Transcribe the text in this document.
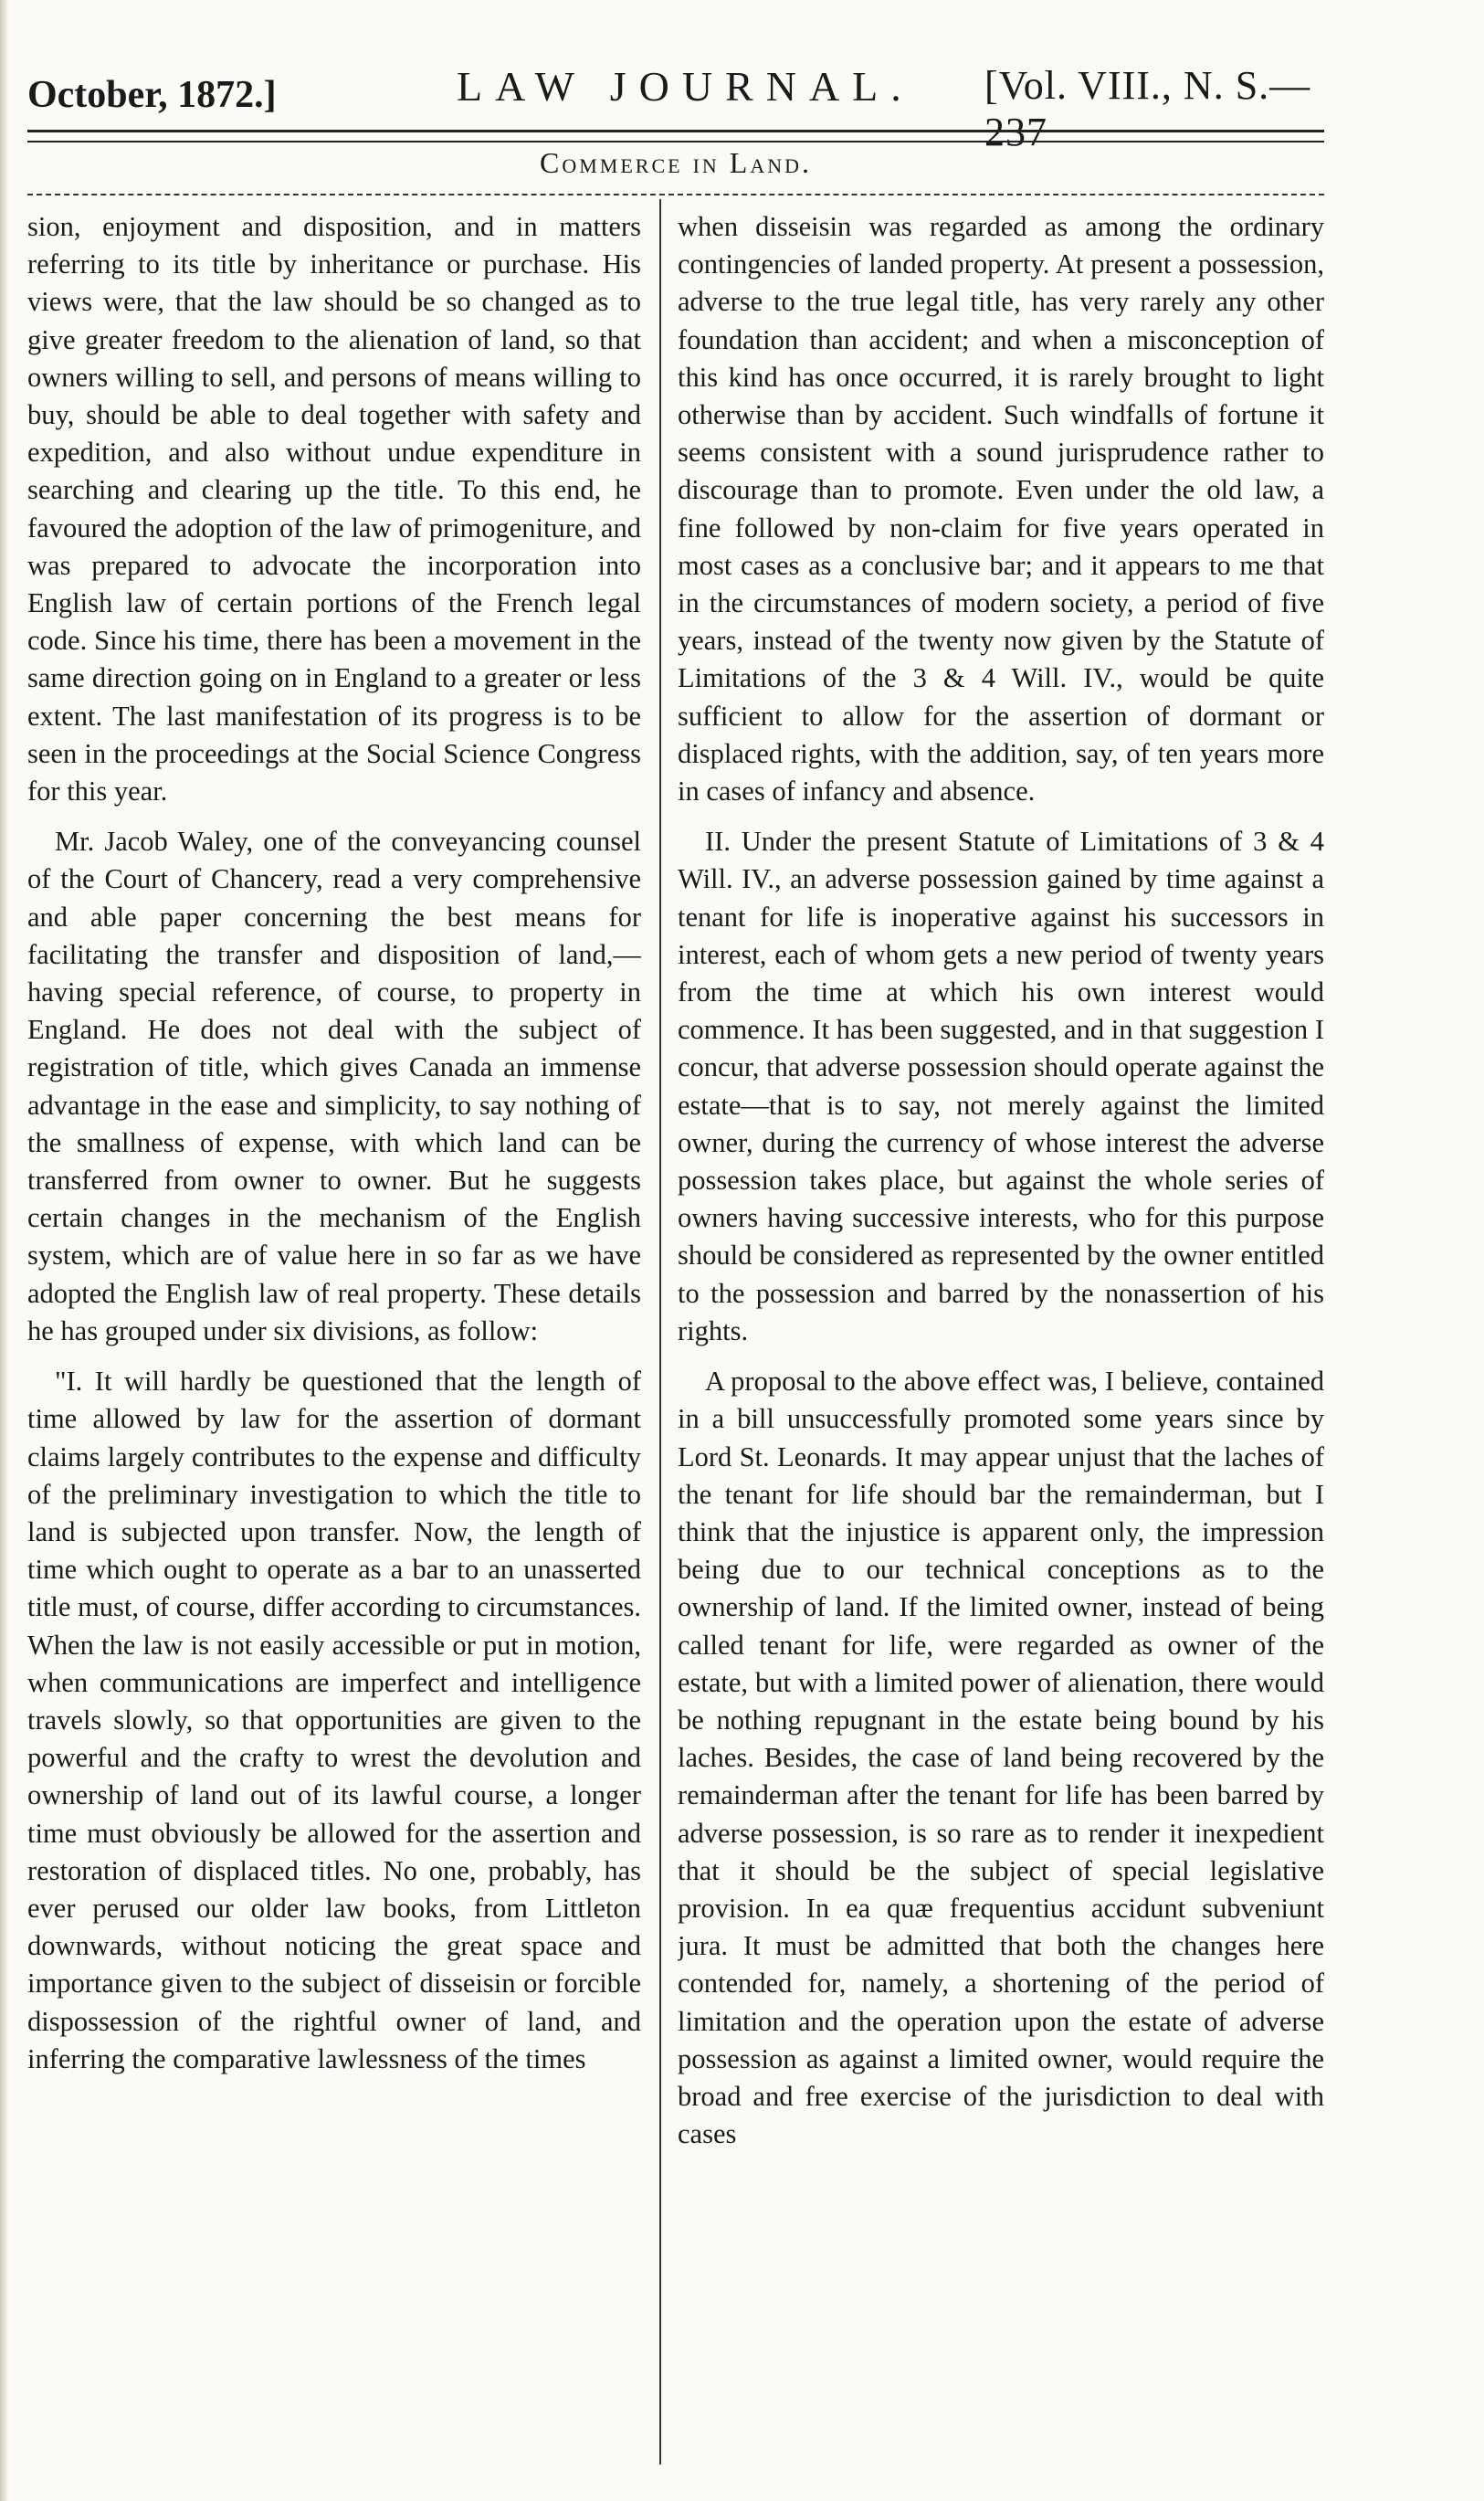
October, 1872.]	LAW JOURNAL. [Vol. VIII., N. S.—237
Commerce in Land.

sion, enjoyment and disposition, and in matters referring to its title by inheritance or purchase. His views were, that the law should be so changed as to give greater freedom to the alienation of land, so that owners willing to sell, and persons of means willing to buy, should be able to deal together with safety and expedition, and also without undue expenditure in searching and clearing up the title. To this end, he favoured the adoption of the law of primogeniture, and was prepared to advocate the incorporation into English law of certain portions of the French legal code. Since his time, there has been a movement in the same direction going on in England to a greater or less extent. The last manifestation of its progress is to be seen in the proceedings at the Social Science Congress for this year.

Mr. Jacob Waley, one of the conveyancing counsel of the Court of Chancery, read a very comprehensive and able paper concerning the best means for facilitating the transfer and disposition of land,—having special reference, of course, to property in England. He does not deal with the subject of registration of title, which gives Canada an immense advantage in the ease and simplicity, to say nothing of the smallness of expense, with which land can be transferred from owner to owner. But he suggests certain changes in the mechanism of the English system, which are of value here in so far as we have adopted the English law of real property. These details he has grouped under six divisions, as follow:

"I. It will hardly be questioned that the length of time allowed by law for the assertion of dormant claims largely contributes to the expense and difficulty of the preliminary investigation to which the title to land is subjected upon transfer. Now, the length of time which ought to operate as a bar to an unasserted title must, of course, differ according to circumstances. When the law is not easily accessible or put in motion, when communications are imperfect and intelligence travels slowly, so that opportunities are given to the powerful and the crafty to wrest the devolution and ownership of land out of its lawful course, a longer time must obviously be allowed for the assertion and restoration of displaced titles. No one, probably, has ever perused our older law books, from Littleton downwards, without noticing the great space and importance given to the subject of disseisin or forcible dispossession of the rightful owner of land, and inferring the comparative lawlessness of the times

when disseisin was regarded as among the ordinary contingencies of landed property. At present a possession, adverse to the true legal title, has very rarely any other foundation than accident; and when a misconception of this kind has once occurred, it is rarely brought to light otherwise than by accident. Such windfalls of fortune it seems consistent with a sound jurisprudence rather to discourage than to promote. Even under the old law, a fine followed by non-claim for five years operated in most cases as a conclusive bar; and it appears to me that in the circumstances of modern society, a period of five years, instead of the twenty now given by the Statute of Limitations of the 3 & 4 Will. IV., would be quite sufficient to allow for the assertion of dormant or displaced rights, with the addition, say, of ten years more in cases of infancy and absence.

II. Under the present Statute of Limitations of 3 & 4 Will. IV., an adverse possession gained by time against a tenant for life is inoperative against his successors in interest, each of whom gets a new period of twenty years from the time at which his own interest would commence. It has been suggested, and in that suggestion I concur, that adverse possession should operate against the estate—that is to say, not merely against the limited owner, during the currency of whose interest the adverse possession takes place, but against the whole series of owners having successive interests, who for this purpose should be considered as represented by the owner entitled to the possession and barred by the nonassertion of his rights.

A proposal to the above effect was, I believe, contained in a bill unsuccessfully promoted some years since by Lord St. Leonards. It may appear unjust that the laches of the tenant for life should bar the remainderman, but I think that the injustice is apparent only, the impression being due to our technical conceptions as to the ownership of land. If the limited owner, instead of being called tenant for life, were regarded as owner of the estate, but with a limited power of alienation, there would be nothing repugnant in the estate being bound by his laches. Besides, the case of land being recovered by the remainderman after the tenant for life has been barred by adverse possession, is so rare as to render it inexpedient that it should be the subject of special legislative provision. In ea quæ frequentius accidunt subveniunt jura. It must be admitted that both the changes here contended for, namely, a shortening of the period of limitation and the operation upon the estate of adverse possession as against a limited owner, would require the broad and free exercise of the jurisdiction to deal with cases
